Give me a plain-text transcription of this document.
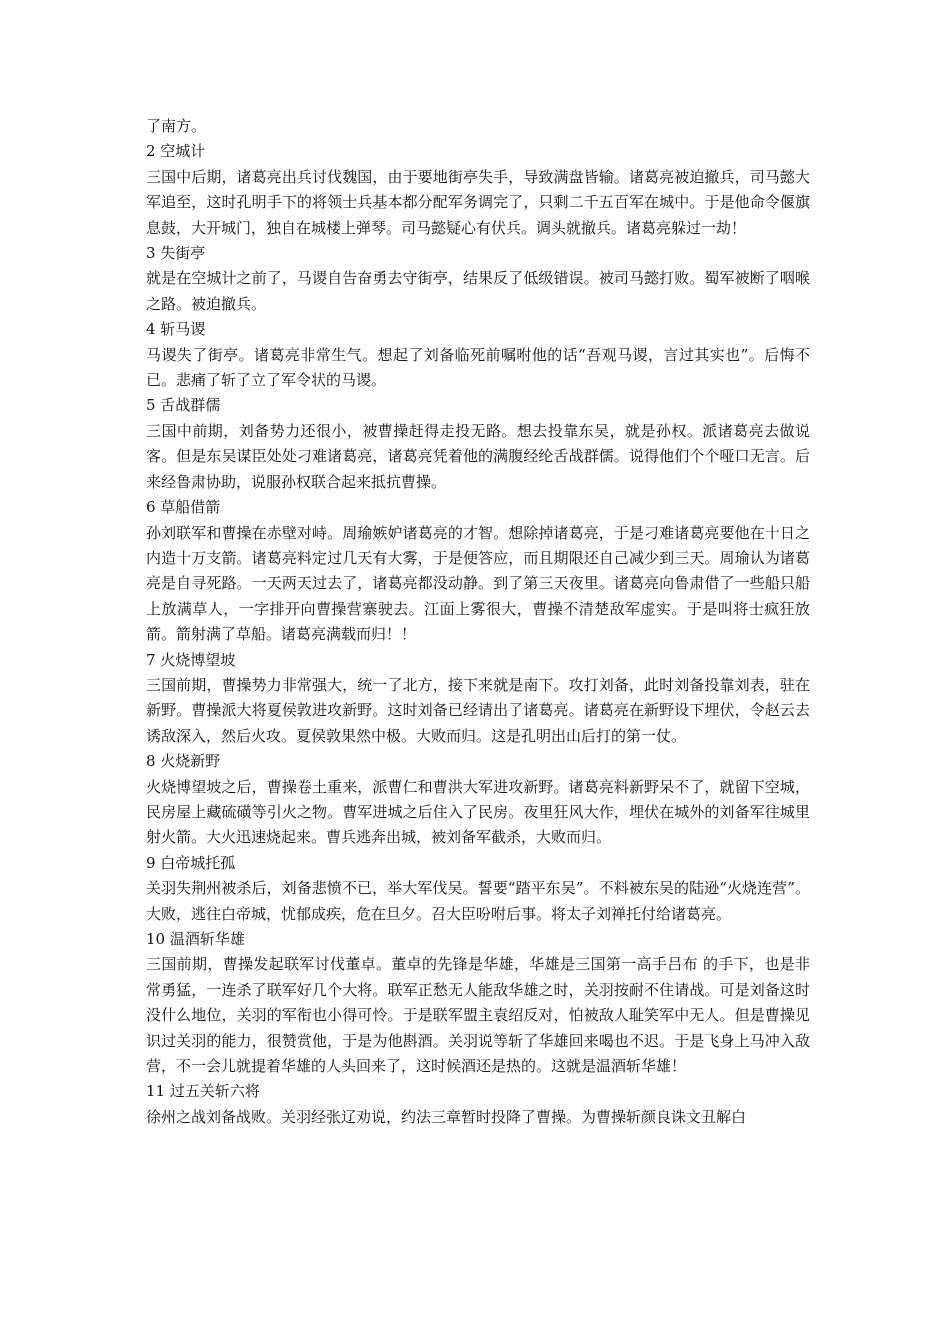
了南方。

2 空城计

三国中后期，诸葛亮出兵讨伐魏国，由于要地街亭失手，导致满盘皆输。诸葛亮被迫撤兵，司马懿大军追至，这时孔明手下的将领士兵基本都分配军务调完了，只剩二千五百军在城中。于是他命令偃旗息鼓，大开城门，独自在城楼上弹琴。司马懿疑心有伏兵。调头就撤兵。诸葛亮躲过一劫！

3 失街亭

就是在空城计之前了，马谡自告奋勇去守街亭，结果反了低级错误。被司马懿打败。蜀军被断了咽喉之路。被迫撤兵。

4 斩马谡

马谡失了街亭。诸葛亮非常生气。想起了刘备临死前嘱咐他的话“吾观马谡，言过其实也”。后悔不已。悲痛了斩了立了军令状的马谡。

5 舌战群儒

三国中前期，刘备势力还很小，被曹操赶得走投无路。想去投靠东吴，就是孙权。派诸葛亮去做说客。但是东吴谋臣处处刁难诸葛亮，诸葛亮凭着他的满腹经纶舌战群儒。说得他们个个哑口无言。后来经鲁肃协助，说服孙权联合起来抵抗曹操。

6 草船借箭

孙刘联军和曹操在赤壁对峙。周瑜嫉妒诸葛亮的才智。想除掉诸葛亮，于是刁难诸葛亮要他在十日之内造十万支箭。诸葛亮料定过几天有大雾，于是便答应，而且期限还自己减少到三天。周瑜认为诸葛亮是自寻死路。一天两天过去了，诸葛亮都没动静。到了第三天夜里。诸葛亮向鲁肃借了一些船只船上放满草人，一字排开向曹操营寨驶去。江面上雾很大，曹操不清楚敌军虚实。于是叫将士疯狂放箭。箭射满了草船。诸葛亮满载而归！！

7 火烧博望坡

三国前期，曹操势力非常强大，统一了北方，接下来就是南下。攻打刘备，此时刘备投靠刘表，驻在新野。曹操派大将夏侯敦进攻新野。这时刘备已经请出了诸葛亮。诸葛亮在新野设下埋伏，令赵云去诱敌深入，然后火攻。夏侯敦果然中极。大败而归。这是孔明出山后打的第一仗。

8 火烧新野

火烧博望坡之后，曹操卷土重来，派曹仁和曹洪大军进攻新野。诸葛亮料新野呆不了，就留下空城，民房屋上藏硫磺等引火之物。曹军进城之后住入了民房。夜里狂风大作，埋伏在城外的刘备军往城里射火箭。大火迅速烧起来。曹兵逃奔出城，被刘备军截杀，大败而归。

9 白帝城托孤

关羽失荆州被杀后，刘备悲愤不已，举大军伐吴。誓要“踏平东吴”。不料被东吴的陆逊“火烧连营”。大败，逃往白帝城，忧郁成疾，危在旦夕。召大臣吩咐后事。将太子刘禅托付给诸葛亮。

10 温酒斩华雄

三国前期，曹操发起联军讨伐董卓。董卓的先锋是华雄，华雄是三国第一高手吕布 的手下，也是非常勇猛，一连杀了联军好几个大将。联军正愁无人能敌华雄之时，关羽按耐不住请战。可是刘备这时没什么地位，关羽的军衔也小得可怜。于是联军盟主袁绍反对，怕被敌人耻笑军中无人。但是曹操见识过关羽的能力，很赞赏他，于是为他斟酒。关羽说等斩了华雄回来喝也不迟。于是飞身上马冲入敌营，不一会儿就提着华雄的人头回来了，这时候酒还是热的。这就是温酒斩华雄！

11 过五关斩六将

徐州之战刘备战败。关羽经张辽劝说，约法三章暂时投降了曹操。为曹操斩颜良诛文丑解白
